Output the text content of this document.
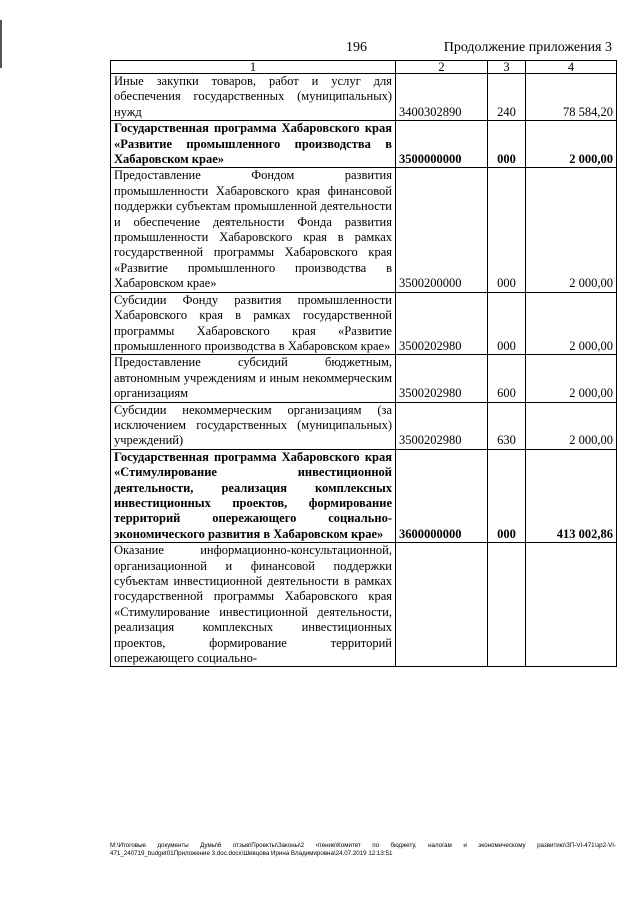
196	Продолжение приложения 3
1	2	3	4
Иные закупки товаров, работ и услуг для обеспечения государственных (муниципальных) нужд	3400302890	240	78 584,20
Государственная программа Хабаровского края «Развитие промышленного производства в Хабаровском крае»	3500000000	000	2 000,00
Предоставление Фондом развития промышленности Хабаровского края финансовой поддержки субъектам промышленной деятельности и обеспечение деятельности Фонда развития промышленности Хабаровского края в рамках государственной программы Хабаровского края «Развитие промышленного производства в Хабаровском крае»	3500200000	000	2 000,00
Субсидии Фонду развития промышленности Хабаровского края в рамках государственной программы Хабаровского края «Развитие промышленного производства в Хабаровском крае»	3500202980	000	2 000,00
Предоставление субсидий бюджетным, автономным учреждениям и иным некоммерческим организациям	3500202980	600	2 000,00
Субсидии некоммерческим организациям (за исключением государственных (муниципальных) учреждений)	3500202980	630	2 000,00
Государственная программа Хабаровского края «Стимулирование инвестиционной деятельности, реализация комплексных инвестиционных проектов, формирование территорий опережающего социально-экономического развития в Хабаровском крае»	3600000000	000	413 002,86
Оказание информационно-консультационной, организационной и финансовой поддержки субъектам инвестиционной деятельности в рамках государственной программы Хабаровского края «Стимулирование инвестиционной деятельности, реализация комплексных инвестиционных проектов, формирование территорий опережающего социально-			
M:\Итоговые документы Думы\6 отзыв\Проекты\Законы\2 чтение\Комитет по бюджету, налогам и экономическому развитию\ЗП-VI-471\зр2-VI-471_240719_budget01Приложение 3.doc.docx\Шевцова Ирина Владимировна\24.07.2019 12:13:51
